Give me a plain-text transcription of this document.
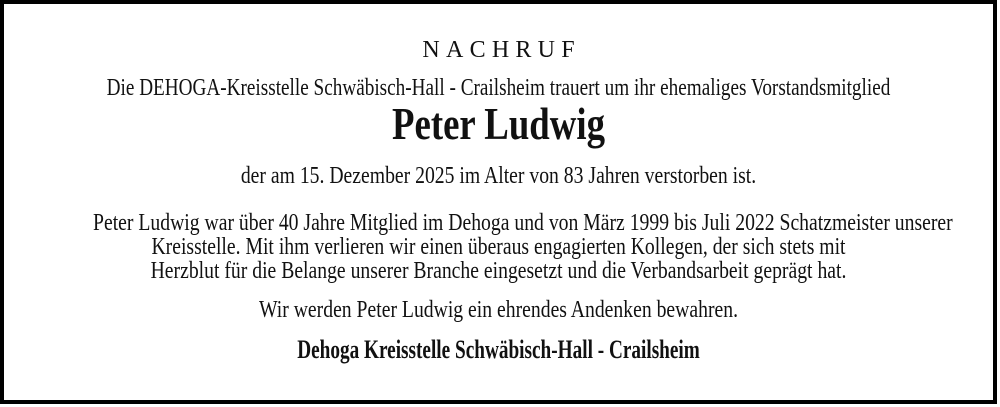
NACHRUF
Die DEHOGA-Kreisstelle Schwäbisch-Hall - Crailsheim trauert um ihr ehemaliges Vorstandsmitglied
Peter Ludwig
der am 15. Dezember 2025 im Alter von 83 Jahren verstorben ist.
Peter Ludwig war über 40 Jahre Mitglied im Dehoga und von März 1999 bis Juli 2022 Schatzmeister unserer
Kreisstelle. Mit ihm verlieren wir einen überaus engagierten Kollegen, der sich stets mit
Herzblut für die Belange unserer Branche eingesetzt und die Verbandsarbeit geprägt hat.
Wir werden Peter Ludwig ein ehrendes Andenken bewahren.
Dehoga Kreisstelle Schwäbisch-Hall - Crailsheim
